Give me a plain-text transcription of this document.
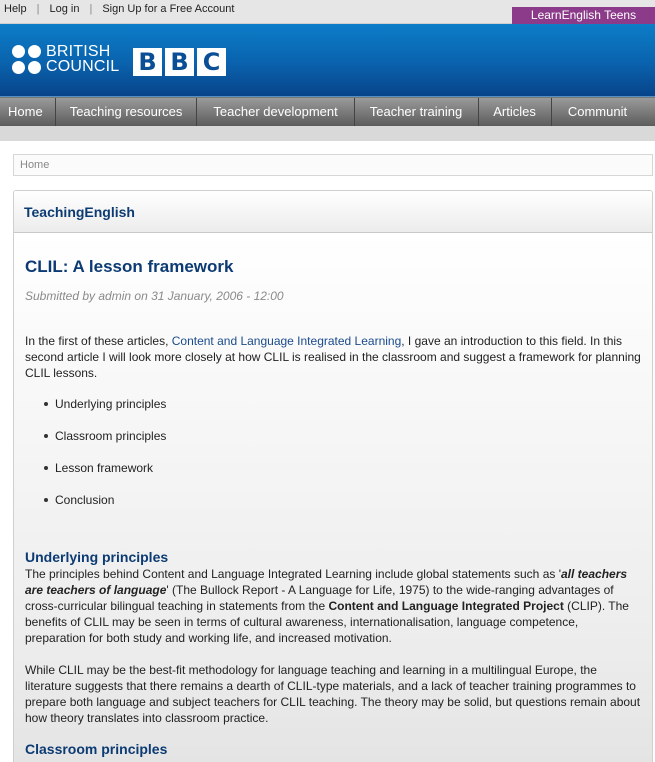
Help | Log in | Sign Up for a Free Account	LearnEnglish Teens
BRITISH
COUNCIL B B C
Home	Teaching resources	Teacher development	Teacher training	Articles	Communit
Home
TeachingEnglish
CLIL: A lesson framework
Submitted by admin on 31 January, 2006 - 12:00

In the first of these articles, Content and Language Integrated Learning, I gave an introduction to this field. In this second article I will look more closely at how CLIL is realised in the classroom and suggest a framework for planning CLIL lessons.

Underlying principles
Classroom principles
Lesson framework
Conclusion
Underlying principles

The principles behind Content and Language Integrated Learning include global statements such as 'all teachers are teachers of language' (The Bullock Report - A Language for Life, 1975) to the wide-ranging advantages of cross-curricular bilingual teaching in statements from the Content and Language Integrated Project (CLIP). The benefits of CLIL may be seen in terms of cultural awareness, internationalisation, language competence, preparation for both study and working life, and increased motivation.

While CLIL may be the best-fit methodology for language teaching and learning in a multilingual Europe, the literature suggests that there remains a dearth of CLIL-type materials, and a lack of teacher training programmes to prepare both language and subject teachers for CLIL teaching. The theory may be solid, but questions remain about how theory translates into classroom practice.

Classroom principles
